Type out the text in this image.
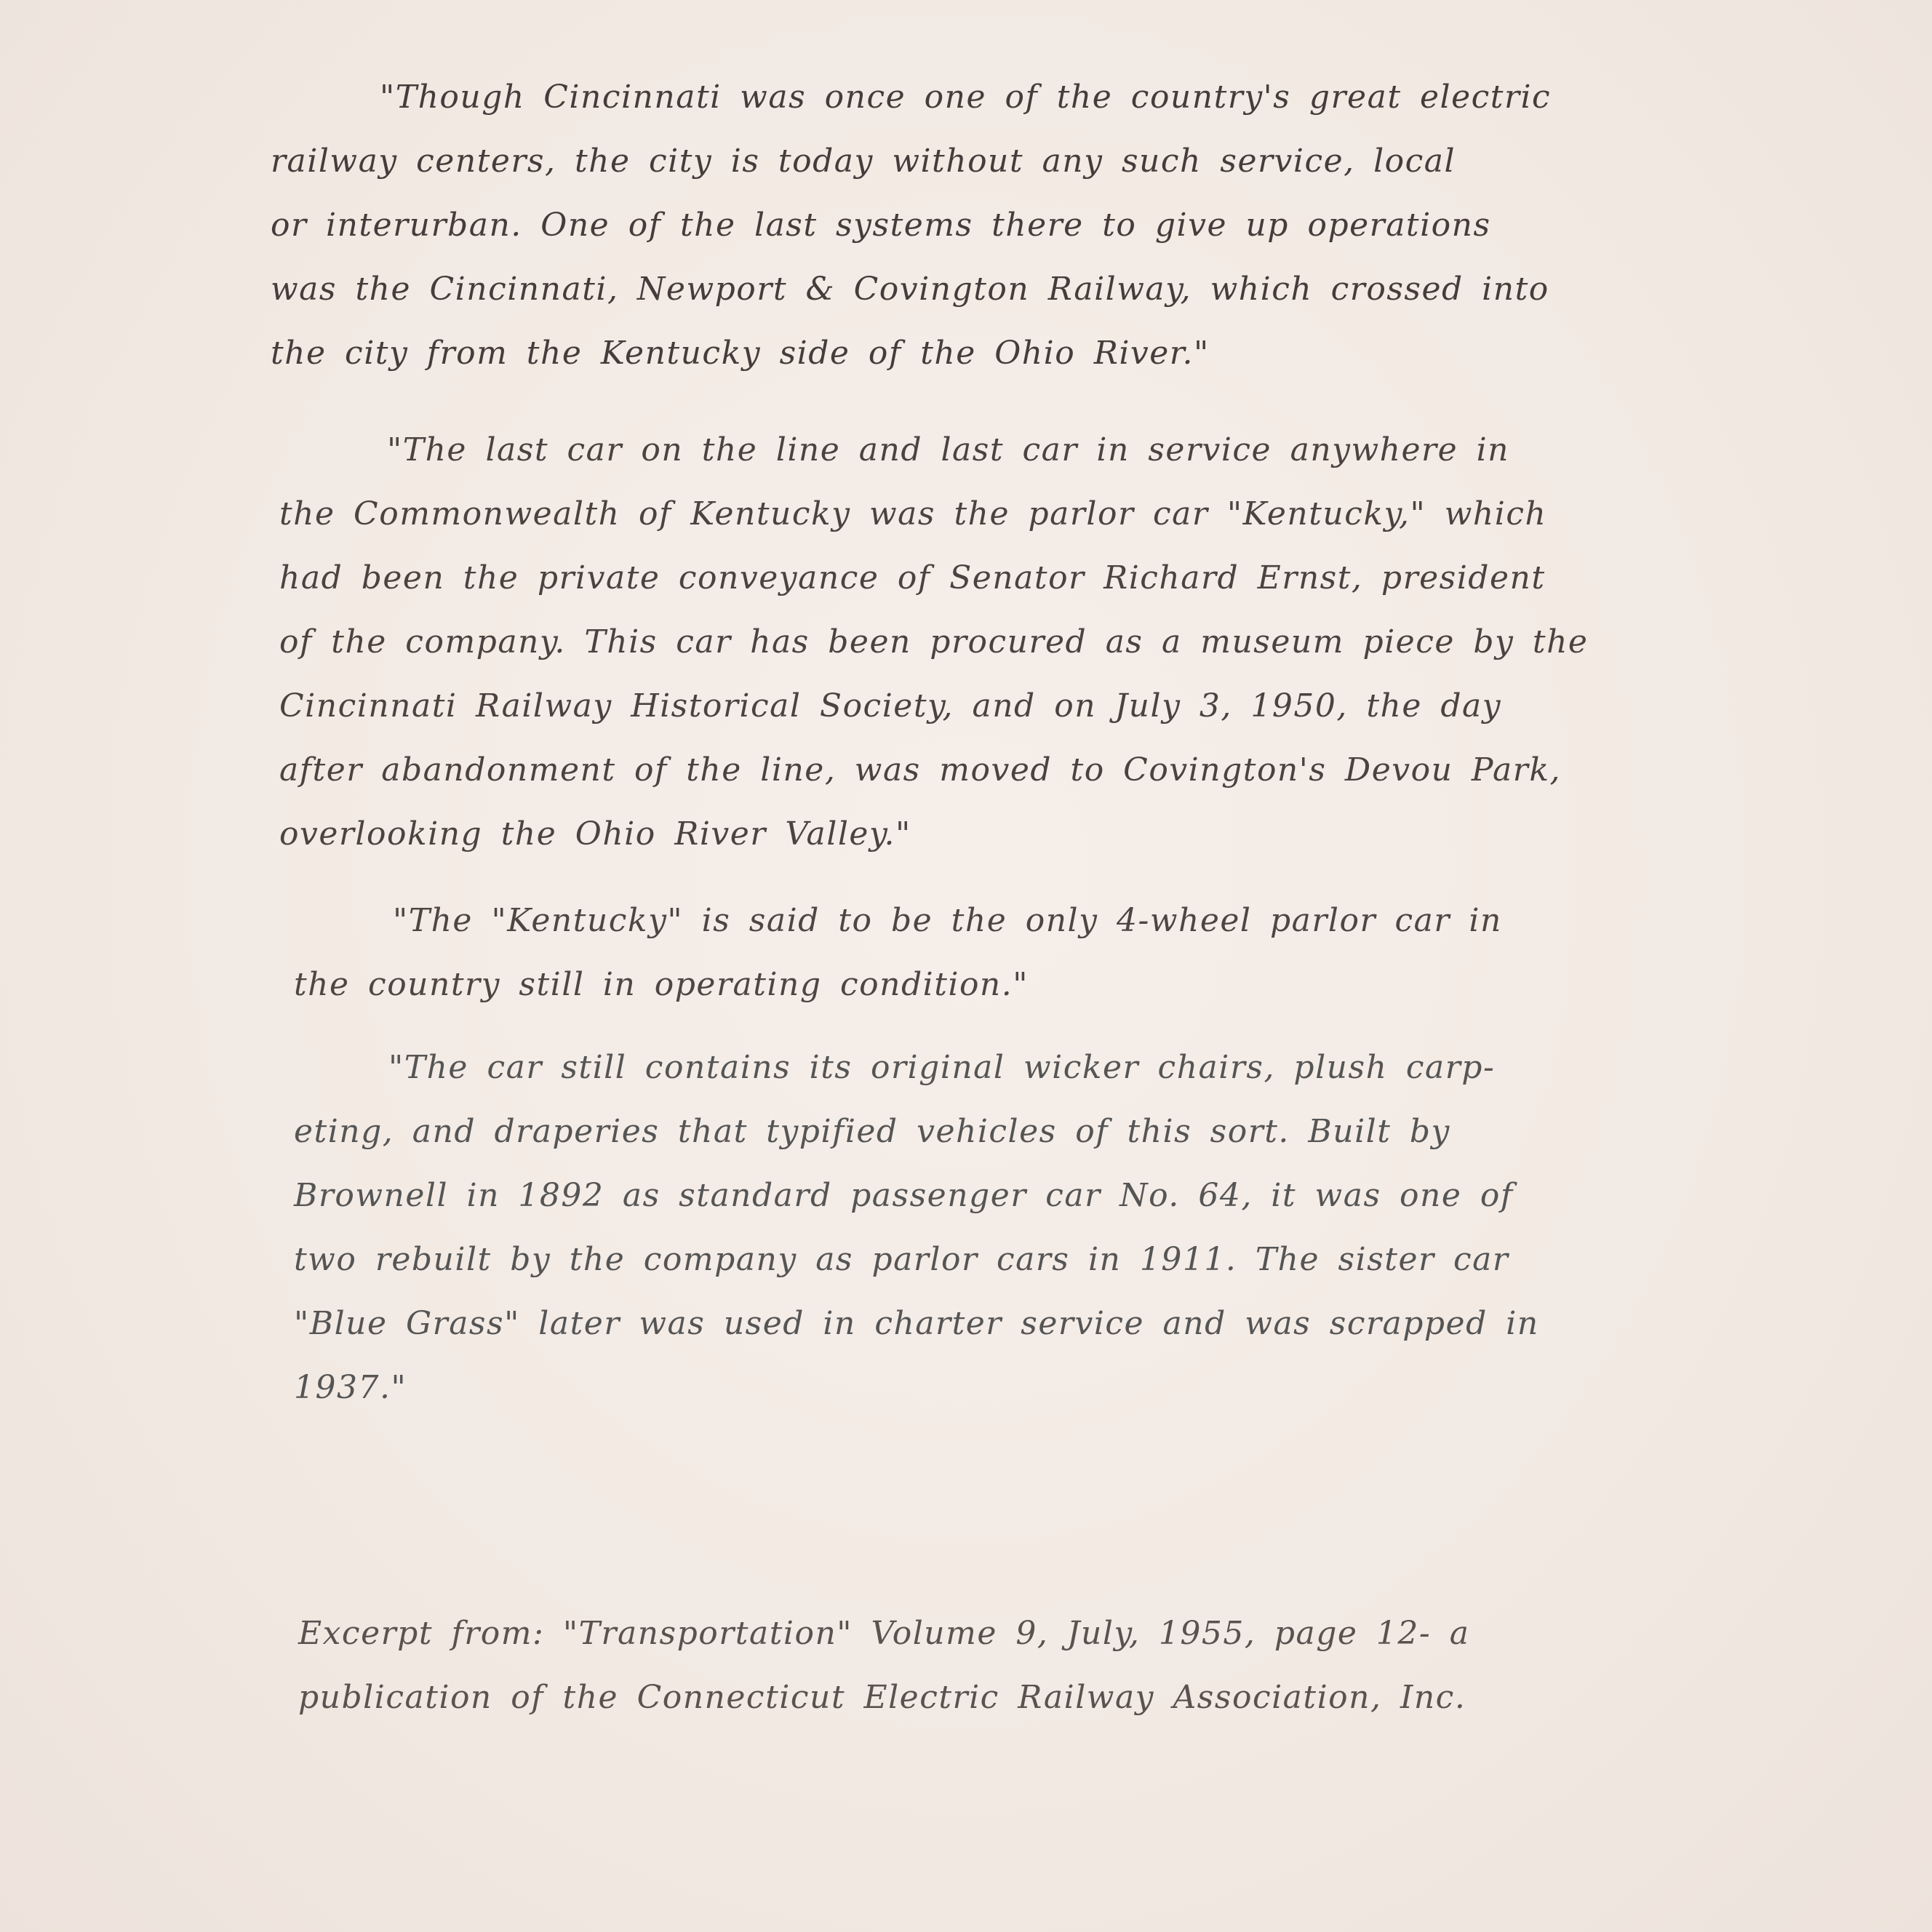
"Though Cincinnati was once one of the country's great electric
railway centers, the city is today without any such service, local
or interurban. One of the last systems there to give up operations
was the Cincinnati, Newport & Covington Railway, which crossed into
the city from the Kentucky side of the Ohio River."
"The last car on the line and last car in service anywhere in
the Commonwealth of Kentucky was the parlor car "Kentucky," which
had been the private conveyance of Senator Richard Ernst, president
of the company. This car has been procured as a museum piece by the
Cincinnati Railway Historical Society, and on July 3, 1950, the day
after abandonment of the line, was moved to Covington's Devou Park,
overlooking the Ohio River Valley."
"The "Kentucky" is said to be the only 4-wheel parlor car in
the country still in operating condition."
"The car still contains its original wicker chairs, plush carp-
eting, and draperies that typified vehicles of this sort. Built by
Brownell in 1892 as standard passenger car No. 64, it was one of
two rebuilt by the company as parlor cars in 1911. The sister car
"Blue Grass" later was used in charter service and was scrapped in
1937."
Excerpt from: "Transportation" Volume 9, July, 1955, page 12- a
publication of the Connecticut Electric Railway Association, Inc.
